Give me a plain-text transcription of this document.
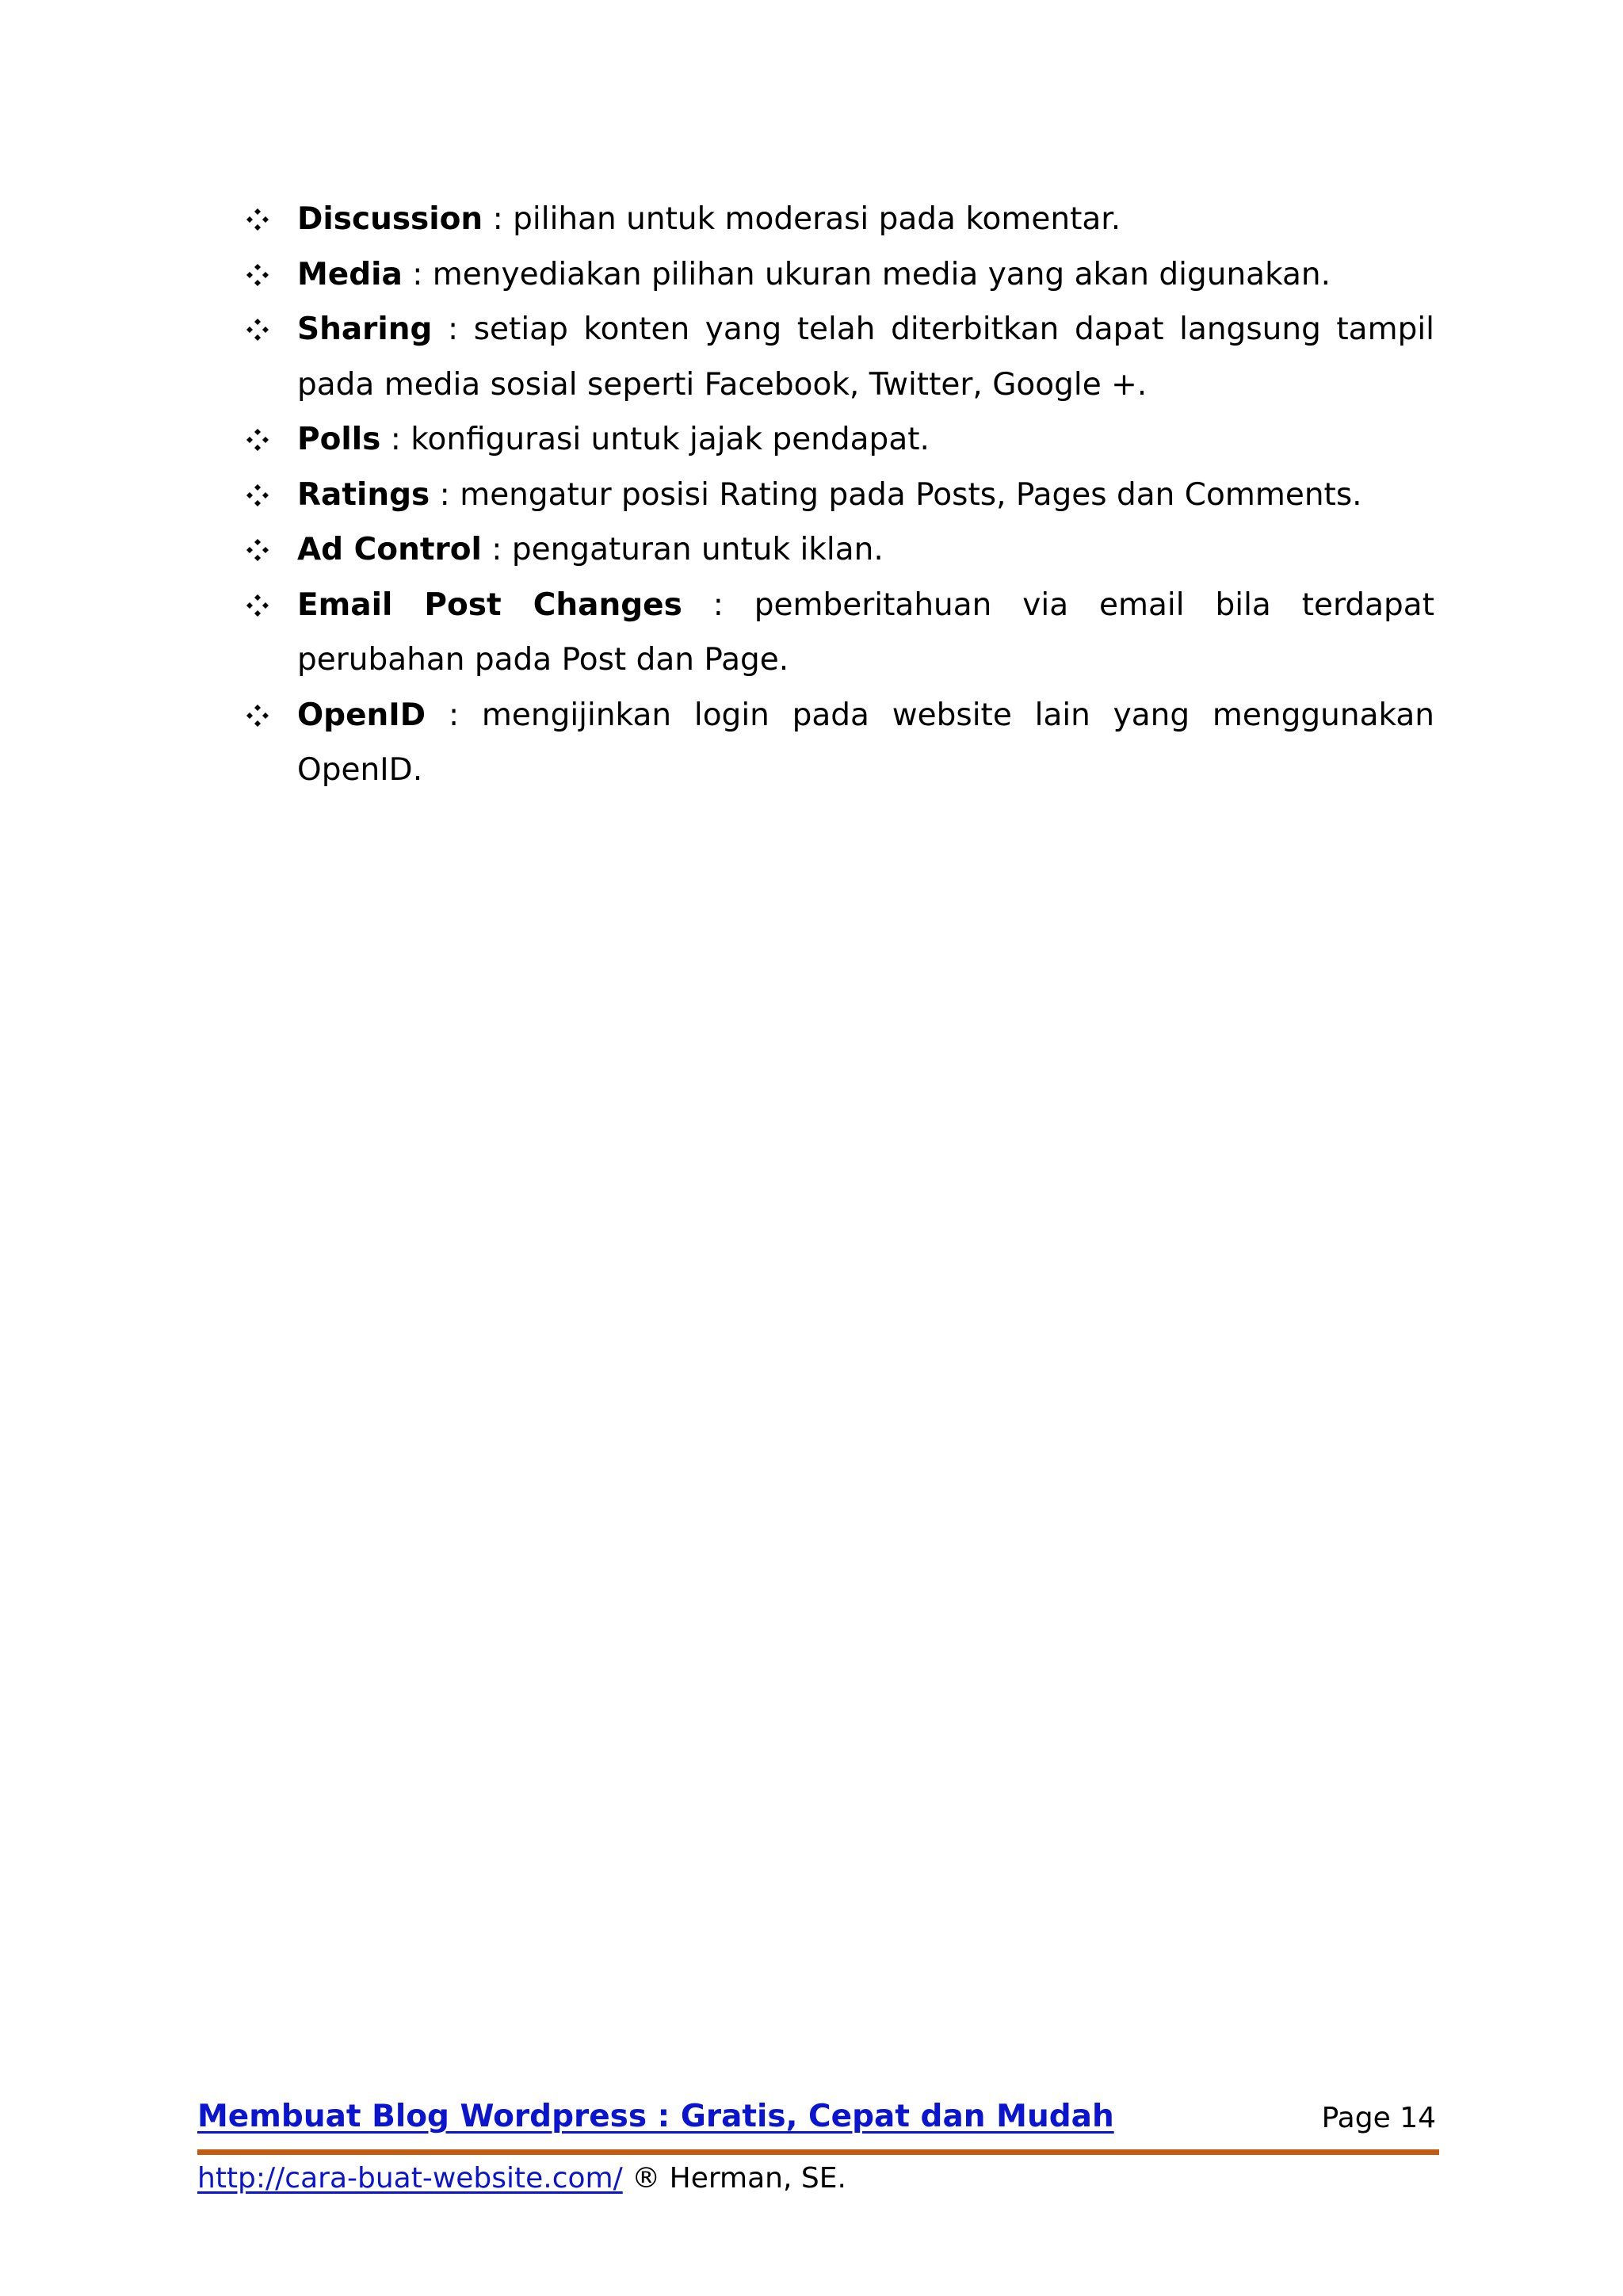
Discussion : pilihan untuk moderasi pada komentar.
Media : menyediakan pilihan ukuran media yang akan digunakan.
Sharing : setiap konten yang telah diterbitkan dapat langsung tampil pada media sosial seperti Facebook, Twitter, Google +.
Polls : konfigurasi untuk jajak pendapat.
Ratings : mengatur posisi Rating pada Posts, Pages dan Comments.
Ad Control : pengaturan untuk iklan.
Email Post Changes : pemberitahuan via email bila terdapat perubahan pada Post dan Page.
OpenID : mengijinkan login pada website lain yang menggunakan OpenID.
Membuat Blog Wordpress : Gratis, Cepat dan Mudah	Page 14
http://cara-buat-website.com/ ® Herman, SE.
